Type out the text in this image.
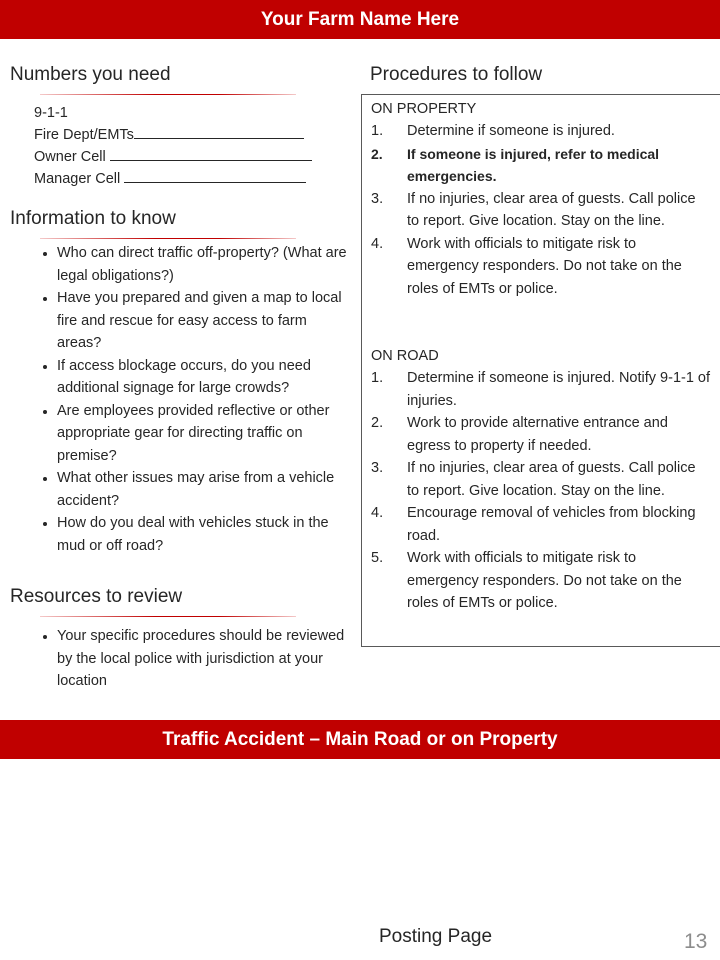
Your Farm Name Here
Numbers you need
9-1-1
Fire Dept/EMTs
Owner Cell
Manager Cell
Information to know
• Who can direct traffic off-property? (What are legal obligations?)
• Have you prepared and given a map to local fire and rescue for easy access to farm areas?
• If access blockage occurs, do you need additional signage for large crowds?
• Are employees provided reflective or other appropriate gear for directing traffic on premise?
• What other issues may arise from a vehicle accident?
• How do you deal with vehicles stuck in the mud or off road?
Resources to review
• Your specific procedures should be reviewed by the local police with jurisdiction at your location
Procedures to follow
ON PROPERTY
1. Determine if someone is injured.
2. If someone is injured, refer to medical emergencies.
3. If no injuries, clear area of guests. Call police to report. Give location. Stay on the line.
4. Work with officials to mitigate risk to emergency responders. Do not take on the roles of EMTs or police.
ON ROAD
1. Determine if someone is injured. Notify 9-1-1 of injuries.
2. Work to provide alternative entrance and egress to property if needed.
3. If no injuries, clear area of guests. Call police to report. Give location. Stay on the line.
4. Encourage removal of vehicles from blocking road.
5. Work with officials to mitigate risk to emergency responders. Do not take on the roles of EMTs or police.
Traffic Accident – Main Road or on Property
Posting Page	13
